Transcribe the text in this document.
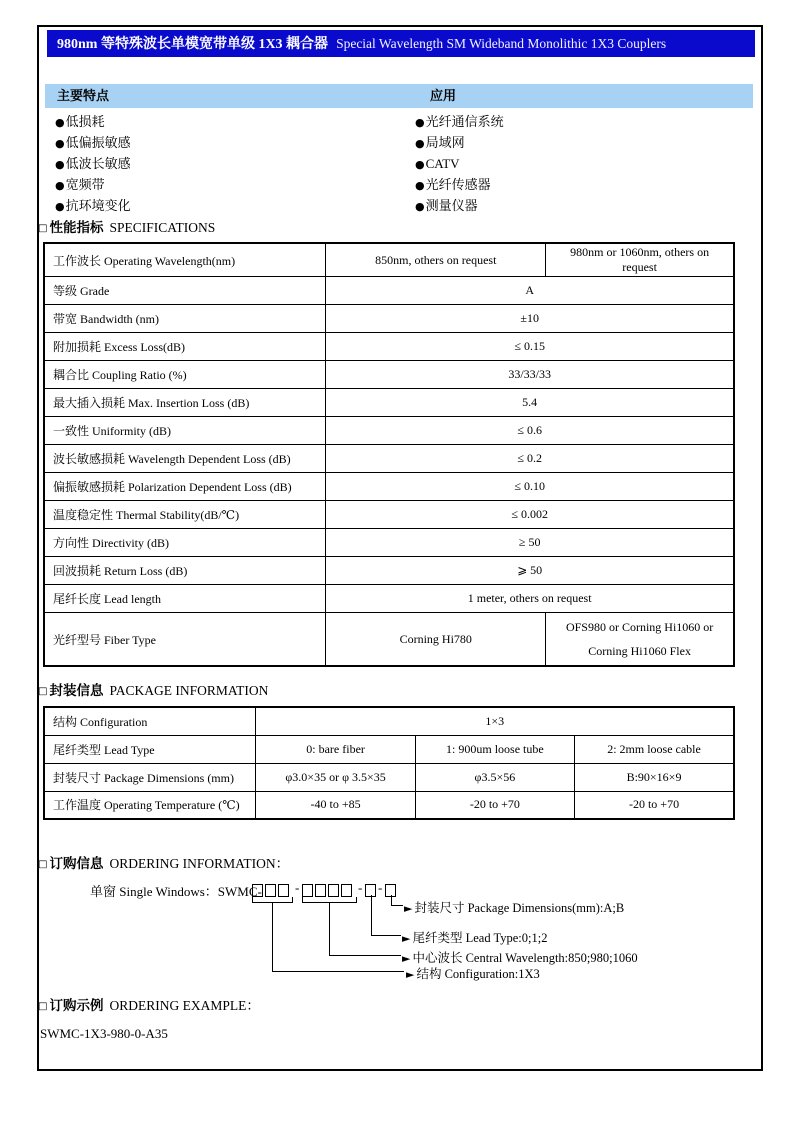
980nm 等特殊波长单模宽带单级 1X3 耦合器 Special Wavelength SM Wideband Monolithic 1X3 Couplers
主要特点	应用
●低损耗
●低偏振敏感
●低波长敏感
●宽频带
●抗环境变化
●光纤通信系统
●局域网
●CATV
●光纤传感器
●测量仪器
□ 性能指标 SPECIFICATIONS
工作波长 Operating Wavelength(nm)	850nm, others on request	980nm or 1060nm, others on request
等级 Grade	A	
带宽 Bandwidth (nm)	±10	
附加损耗 Excess Loss(dB)	≤ 0.15	
耦合比 Coupling Ratio (%)	33/33/33	
最大插入损耗 Max. Insertion Loss (dB)	5.4	
一致性 Uniformity (dB)	≤ 0.6	
波长敏感损耗 Wavelength Dependent Loss (dB)	≤ 0.2	
偏振敏感损耗 Polarization Dependent Loss (dB)	≤ 0.10	
温度稳定性 Thermal Stability(dB/℃)	≤ 0.002	
方向性 Directivity (dB)	≥ 50	
回波损耗 Return Loss (dB)	⩾ 50	
尾纤长度 Lead length	1 meter, others on request	
光纤型号 Fiber Type	Corning Hi780	OFS980 or Corning Hi1060 or Corning Hi1060 Flex
□ 封装信息 PACKAGE INFORMATION
结构 Configuration	1×3		
尾纤类型 Lead Type	0: bare fiber	1: 900um loose tube	2: 2mm loose cable
封装尺寸 Package Dimensions (mm)	φ3.0×35 or φ 3.5×35	φ3.5×56	B:90×16×9
工作温度 Operating Temperature (℃)	-40 to +85	-20 to +70	-20 to +70
□ 订购信息 ORDERING INFORMATION：
单窗 Single Windows：SWMC-	-	- -
► 封装尺寸 Package Dimensions(mm):A;B
► 尾纤类型 Lead Type:0;1;2
► 中心波长 Central Wavelength:850;980;1060
► 结构 Configuration:1X3
□ 订购示例 ORDERING EXAMPLE：
SWMC-1X3-980-0-A35
